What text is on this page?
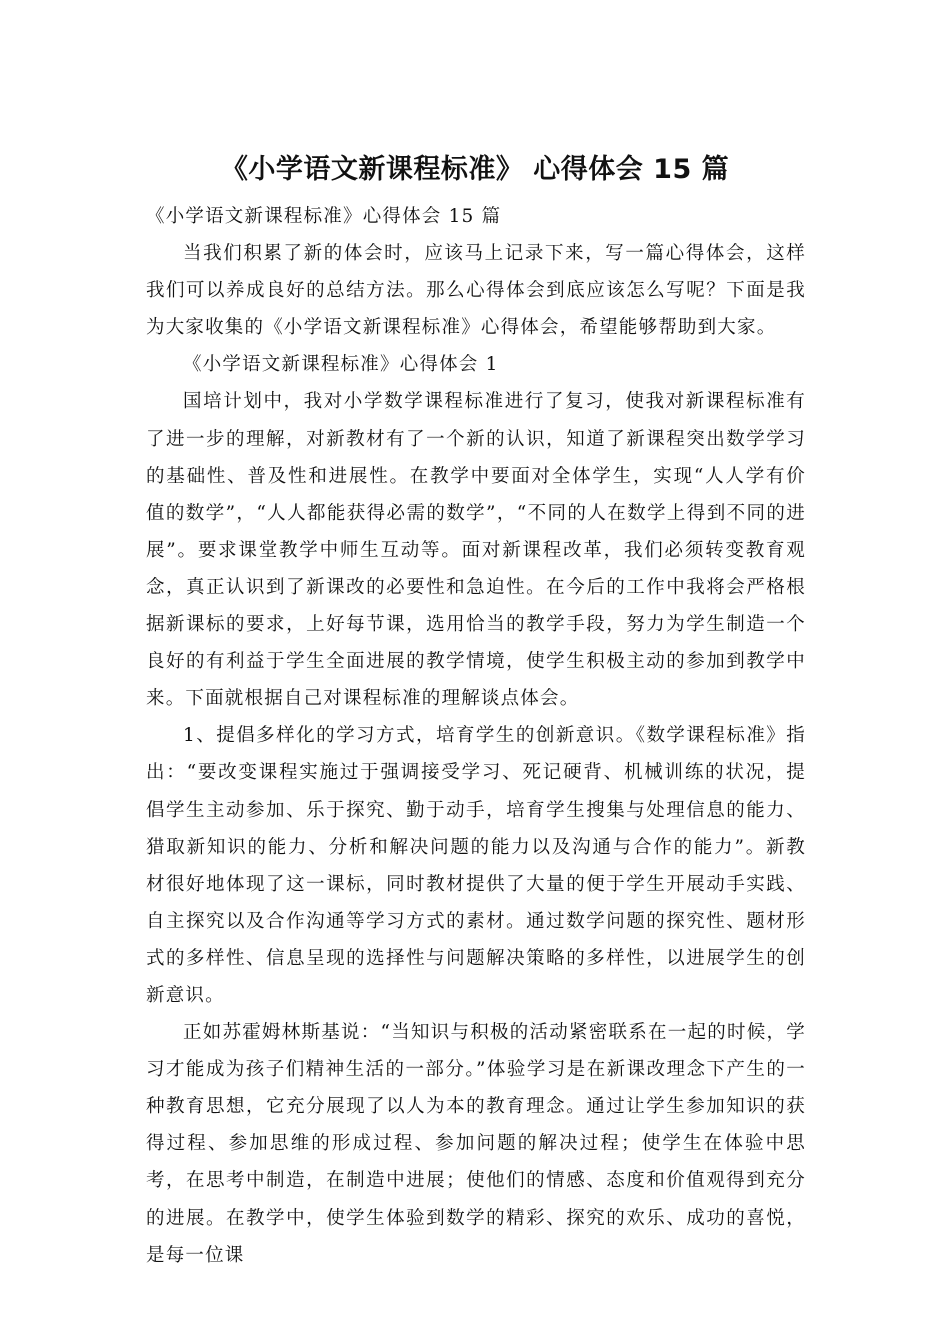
《小学语文新课程标准》 心得体会 15 篇

《小学语文新课程标准》心得体会 15 篇

当我们积累了新的体会时，应该马上记录下来，写一篇心得体会，这样我们可以养成良好的总结方法。那么心得体会到底应该怎么写呢？下面是我为大家收集的《小学语文新课程标准》心得体会，希望能够帮助到大家。

《小学语文新课程标准》心得体会 1

国培计划中，我对小学数学课程标准进行了复习，使我对新课程标准有了进一步的理解，对新教材有了一个新的认识，知道了新课程突出数学学习的基础性、普及性和进展性。在教学中要面对全体学生，实现“人人学有价值的数学”，“人人都能获得必需的数学”，“不同的人在数学上得到不同的进展”。要求课堂教学中师生互动等。面对新课程改革，我们必须转变教育观念，真正认识到了新课改的必要性和急迫性。在今后的工作中我将会严格根据新课标的要求，上好每节课，选用恰当的教学手段，努力为学生制造一个良好的有利益于学生全面进展的教学情境，使学生积极主动的参加到教学中来。下面就根据自己对课程标准的理解谈点体会。

1、提倡多样化的学习方式，培育学生的创新意识。《数学课程标准》指出：“要改变课程实施过于强调接受学习、死记硬背、机械训练的状况，提倡学生主动参加、乐于探究、勤于动手，培育学生搜集与处理信息的能力、猎取新知识的能力、分析和解决问题的能力以及沟通与合作的能力”。新教材很好地体现了这一课标，同时教材提供了大量的便于学生开展动手实践、自主探究以及合作沟通等学习方式的素材。通过数学问题的探究性、题材形式的多样性、信息呈现的选择性与问题解决策略的多样性，以进展学生的创新意识。

正如苏霍姆林斯基说：“当知识与积极的活动紧密联系在一起的时候，学习才能成为孩子们精神生活的一部分。”体验学习是在新课改理念下产生的一种教育思想，它充分展现了以人为本的教育理念。通过让学生参加知识的获得过程、参加思维的形成过程、参加问题的解决过程；使学生在体验中思考，在思考中制造，在制造中进展；使他们的情感、态度和价值观得到充分的进展。在教学中，使学生体验到数学的精彩、探究的欢乐、成功的喜悦，是每一位课
